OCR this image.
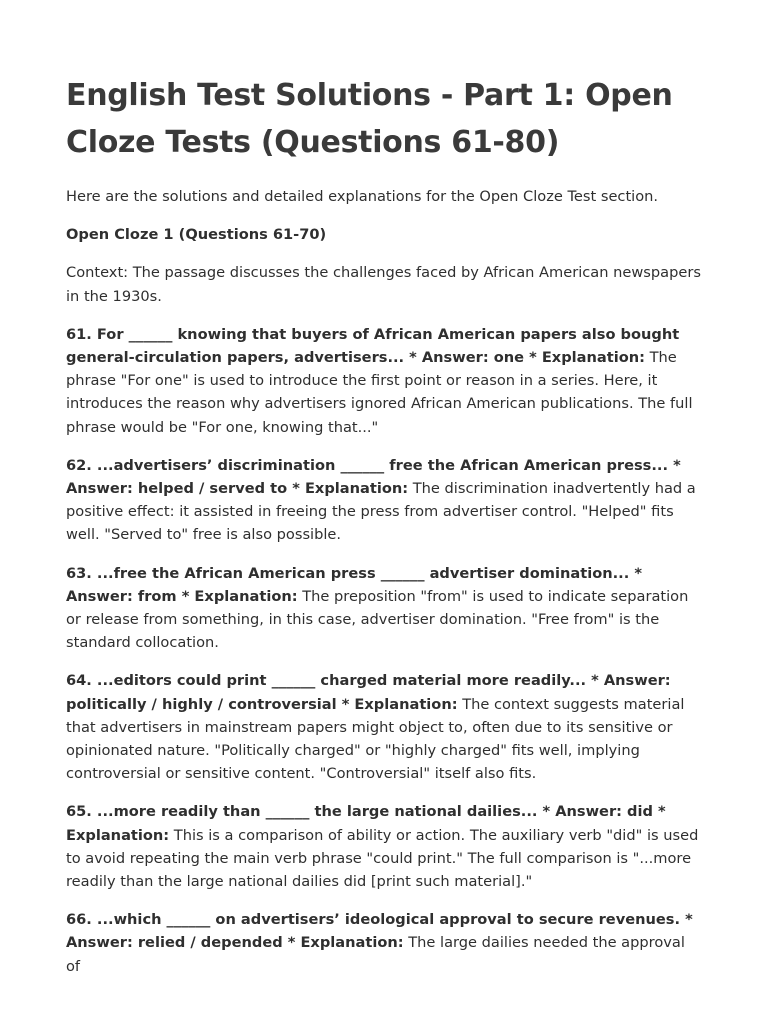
English Test Solutions - Part 1: Open Cloze Tests (Questions 61-80)

Here are the solutions and detailed explanations for the Open Cloze Test section.

Open Cloze 1 (Questions 61-70)

Context: The passage discusses the challenges faced by African American newspapers in the 1930s.

61. For ______ knowing that buyers of African American papers also bought general-circulation papers, advertisers... * Answer: one * Explanation: The phrase "For one" is used to introduce the first point or reason in a series. Here, it introduces the reason why advertisers ignored African American publications. The full phrase would be "For one, knowing that..."

62. ...advertisers’ discrimination ______ free the African American press... * Answer: helped / served to * Explanation: The discrimination inadvertently had a positive effect: it assisted in freeing the press from advertiser control. "Helped" fits well. "Served to" free is also possible.

63. ...free the African American press ______ advertiser domination... * Answer: from * Explanation: The preposition "from" is used to indicate separation or release from something, in this case, advertiser domination. "Free from" is the standard collocation.

64. ...editors could print ______ charged material more readily... * Answer: politically / highly / controversial * Explanation: The context suggests material that advertisers in mainstream papers might object to, often due to its sensitive or opinionated nature. "Politically charged" or "highly charged" fits well, implying controversial or sensitive content. "Controversial" itself also fits.

65. ...more readily than ______ the large national dailies... * Answer: did * Explanation: This is a comparison of ability or action. The auxiliary verb "did" is used to avoid repeating the main verb phrase "could print." The full comparison is "...more readily than the large national dailies did [print such material]."

66. ...which ______ on advertisers’ ideological approval to secure revenues. * Answer: relied / depended * Explanation: The large dailies needed the approval of
